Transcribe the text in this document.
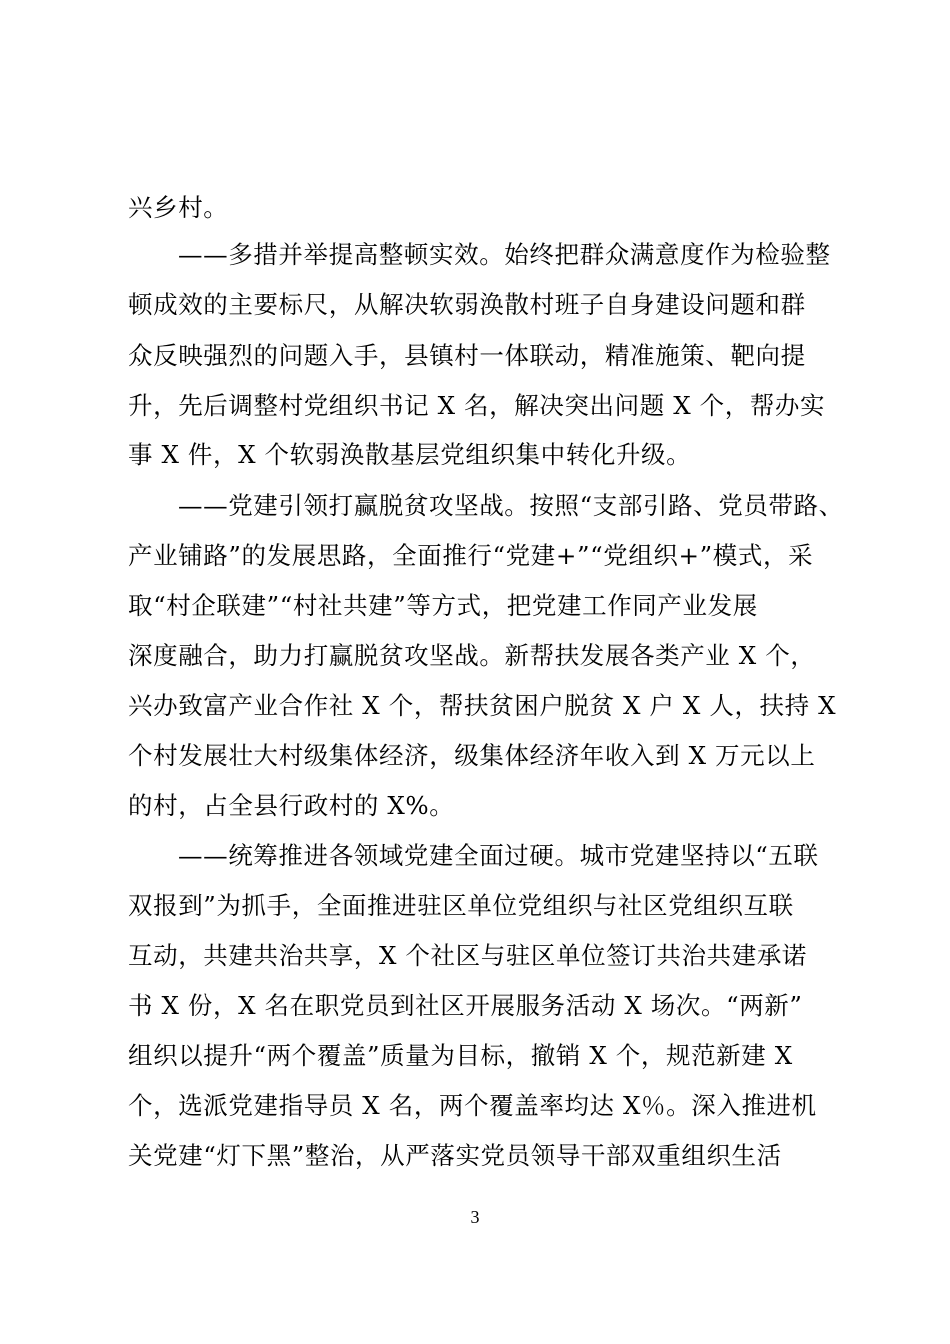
兴乡村。
——多措并举提高整顿实效。始终把群众满意度作为检验整
顿成效的主要标尺，从解决软弱涣散村班子自身建设问题和群
众反映强烈的问题入手，县镇村一体联动，精准施策、靶向提
升，先后调整村党组织书记 X 名，解决突出问题 X 个，帮办实
事 X 件，X 个软弱涣散基层党组织集中转化升级。
——党建引领打赢脱贫攻坚战。按照“支部引路、党员带路、
产业铺路”的发展思路，全面推行“党建+”“党组织+”模式，采
取“村企联建”“村社共建”等方式，把党建工作同产业发展
深度融合，助力打赢脱贫攻坚战。新帮扶发展各类产业 X 个，
兴办致富产业合作社 X 个，帮扶贫困户脱贫 X 户 X 人，扶持 X
个村发展壮大村级集体经济，级集体经济年收入到 X 万元以上
的村，占全县行政村的 X%。
——统筹推进各领域党建全面过硬。城市党建坚持以“五联
双报到”为抓手，全面推进驻区单位党组织与社区党组织互联
互动，共建共治共享，X 个社区与驻区单位签订共治共建承诺
书 X 份，X 名在职党员到社区开展服务活动 X 场次。“两新”
组织以提升“两个覆盖”质量为目标，撤销 X 个，规范新建 X
个，选派党建指导员 X 名，两个覆盖率均达 X％。深入推进机
关党建“灯下黑”整治，从严落实党员领导干部双重组织生活
3
